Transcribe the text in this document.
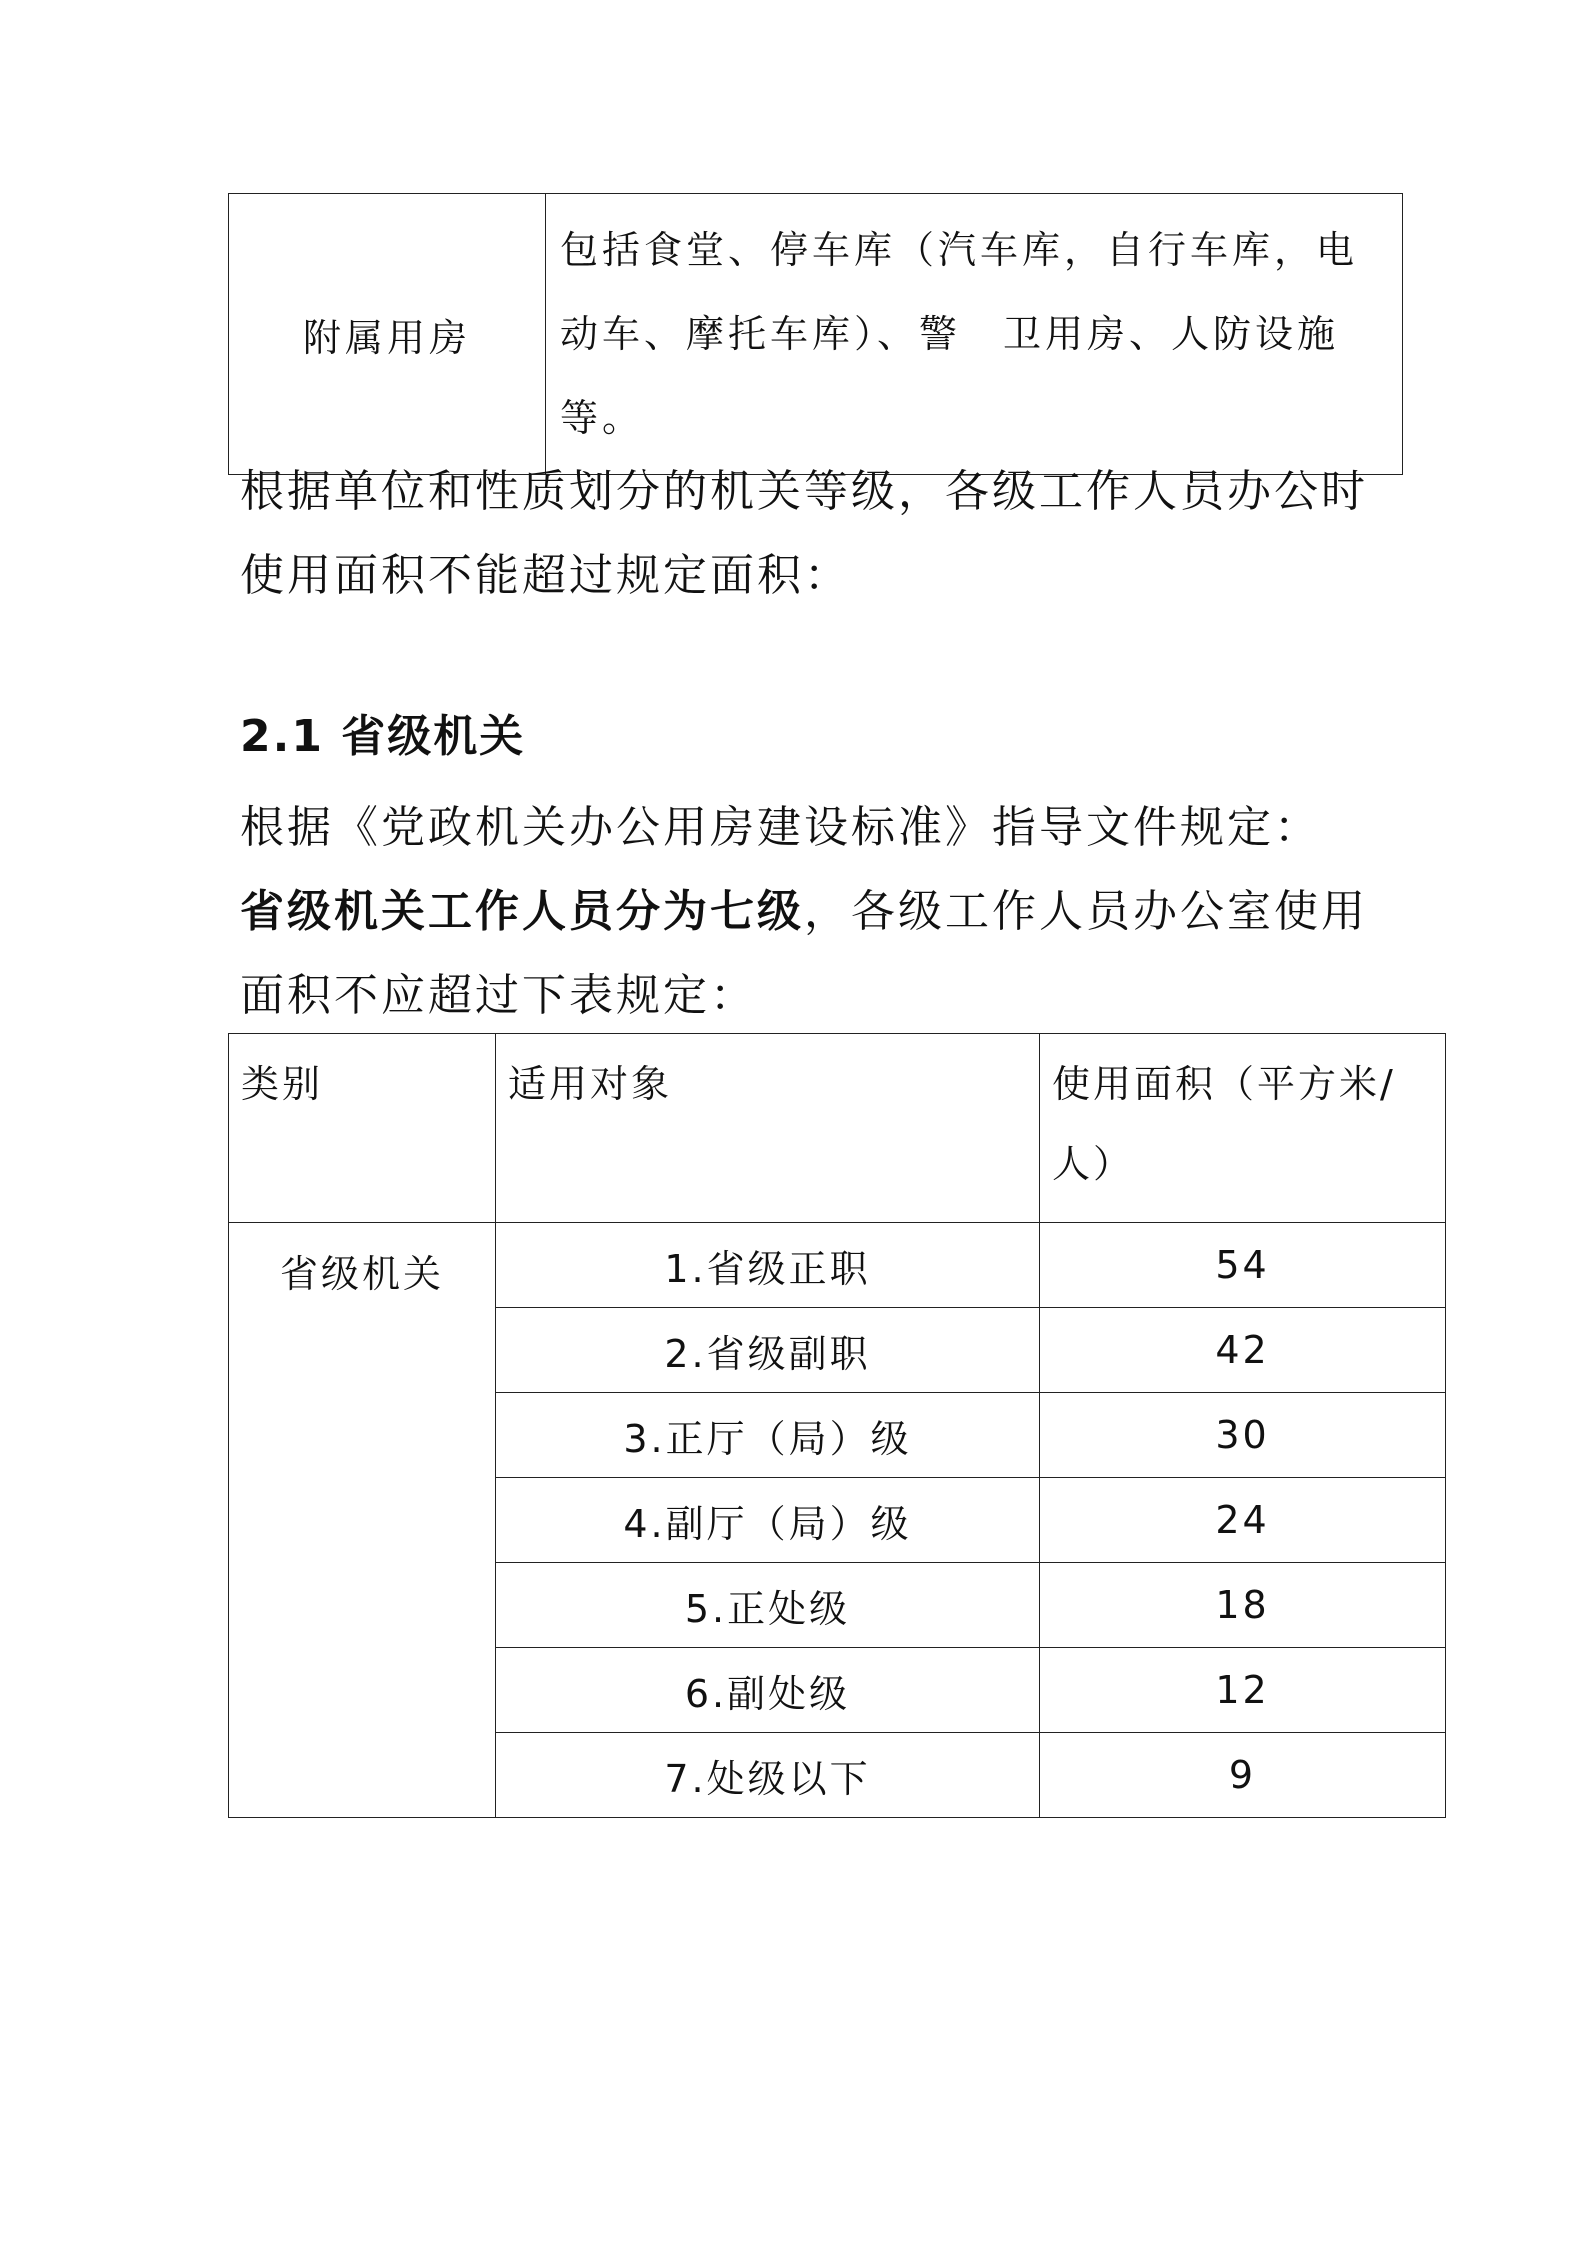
附属用房	包括食堂、停车库（汽车库，自行车库，电动车、摩托车库）、警　卫用房、人防设施等。
根据单位和性质划分的机关等级，各级工作人员办公时使用面积不能超过规定面积：
2.1 省级机关
根据《党政机关办公用房建设标准》指导文件规定：
省级机关工作人员分为七级，各级工作人员办公室使用面积不应超过下表规定：
类别	适用对象	使用面积（平方米/人）
省级机关	1.省级正职	54
	2.省级副职	42
	3.正厅（局）级	30
	4.副厅（局）级	24
	5.正处级	18
	6.副处级	12
	7.处级以下	9
